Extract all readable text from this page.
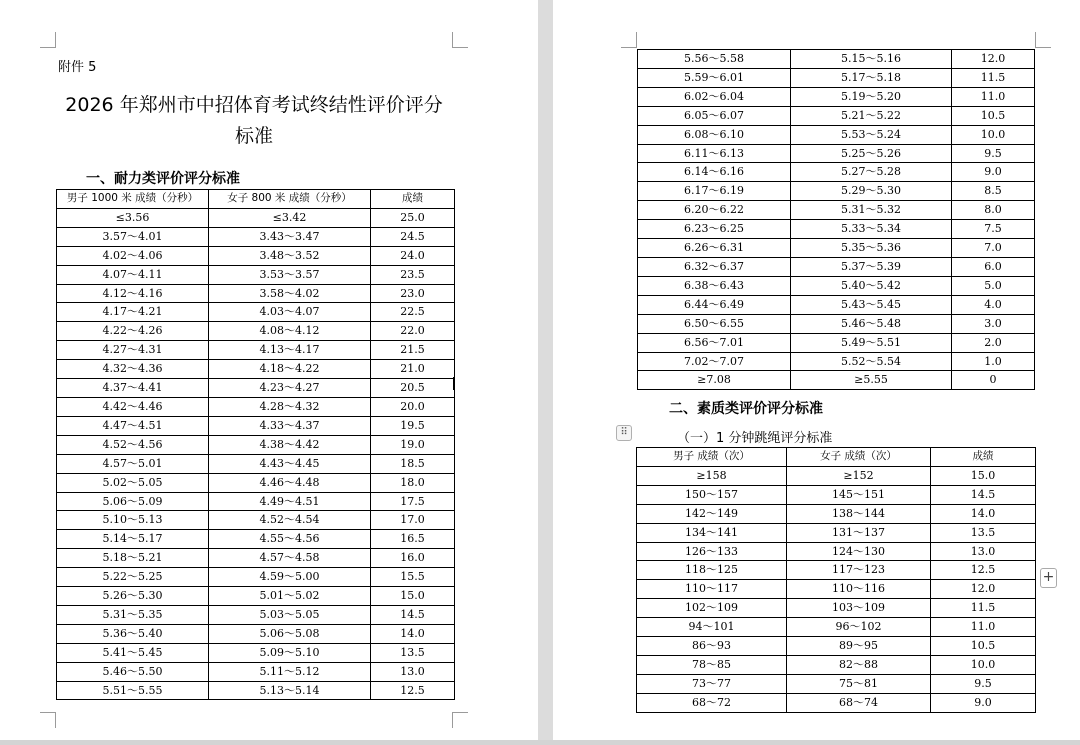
附件 5
2026 年郑州市中招体育考试终结性评价评分
标准
一、耐力类评价评分标准
男子 1000 米 成绩（分秒）	女子 800 米 成绩（分秒）	成绩
≤3.56	≤3.42	25.0
3.57～4.01	3.43～3.47	24.5
4.02～4.06	3.48～3.52	24.0
4.07～4.11	3.53～3.57	23.5
4.12～4.16	3.58～4.02	23.0
4.17～4.21	4.03～4.07	22.5
4.22～4.26	4.08～4.12	22.0
4.27～4.31	4.13～4.17	21.5
4.32～4.36	4.18～4.22	21.0
4.37～4.41	4.23～4.27	20.5
4.42～4.46	4.28～4.32	20.0
4.47～4.51	4.33～4.37	19.5
4.52～4.56	4.38～4.42	19.0
4.57～5.01	4.43～4.45	18.5
5.02～5.05	4.46～4.48	18.0
5.06～5.09	4.49～4.51	17.5
5.10～5.13	4.52～4.54	17.0
5.14～5.17	4.55～4.56	16.5
5.18～5.21	4.57～4.58	16.0
5.22～5.25	4.59～5.00	15.5
5.26～5.30	5.01～5.02	15.0
5.31～5.35	5.03～5.05	14.5
5.36～5.40	5.06～5.08	14.0
5.41～5.45	5.09～5.10	13.5
5.46～5.50	5.11～5.12	13.0
5.51～5.55	5.13～5.14	12.5
5.56～5.58	5.15～5.16	12.0
5.59～6.01	5.17～5.18	11.5
6.02～6.04	5.19～5.20	11.0
6.05～6.07	5.21～5.22	10.5
6.08～6.10	5.53～5.24	10.0
6.11～6.13	5.25～5.26	9.5
6.14～6.16	5.27～5.28	9.0
6.17～6.19	5.29～5.30	8.5
6.20～6.22	5.31～5.32	8.0
6.23～6.25	5.33～5.34	7.5
6.26～6.31	5.35～5.36	7.0
6.32～6.37	5.37～5.39	6.0
6.38～6.43	5.40～5.42	5.0
6.44～6.49	5.43～5.45	4.0
6.50～6.55	5.46～5.48	3.0
6.56～7.01	5.49～5.51	2.0
7.02～7.07	5.52～5.54	1.0
≥7.08	≥5.55	0
二、素质类评价评分标准
⠿	（一）1 分钟跳绳评分标准
男子 成绩（次）	女子 成绩（次）	成绩
≥158	≥152	15.0
150～157	145～151	14.5
142～149	138～144	14.0
134～141	131～137	13.5
126～133	124～130	13.0
118～125	117～123	12.5
110～117	110～116	12.0
102～109	103～109	11.5
94～101	96～102	11.0
86～93	89～95	10.5
78～85	82～88	10.0
73～77	75～81	9.5
68～72	68～74	9.0
+
